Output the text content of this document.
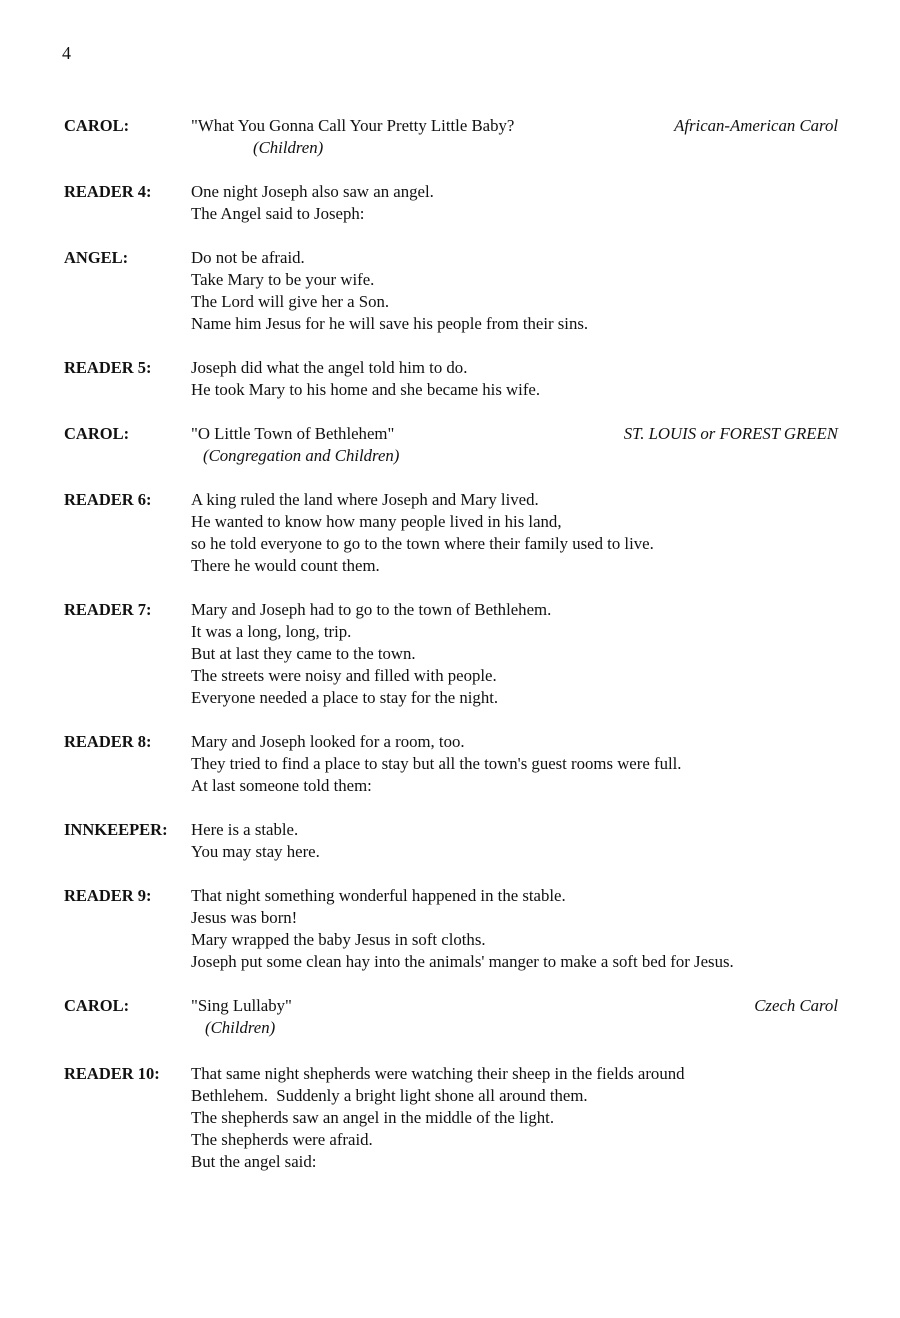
4
CAROL:	"What You Gonna Call Your Pretty Little Baby?	African-American Carol
(Children)
READER 4:	One night Joseph also saw an angel.
The Angel said to Joseph:
ANGEL:	Do not be afraid.
Take Mary to be your wife.
The Lord will give her a Son.
Name him Jesus for he will save his people from their sins.
READER 5:	Joseph did what the angel told him to do.
He took Mary to his home and she became his wife.
CAROL:	"O Little Town of Bethlehem"	ST. LOUIS or FOREST GREEN
(Congregation and Children)
READER 6:	A king ruled the land where Joseph and Mary lived.
He wanted to know how many people lived in his land,
so he told everyone to go to the town where their family used to live.
There he would count them.
READER 7:	Mary and Joseph had to go to the town of Bethlehem.
It was a long, long, trip.
But at last they came to the town.
The streets were noisy and filled with people.
Everyone needed a place to stay for the night.
READER 8:	Mary and Joseph looked for a room, too.
They tried to find a place to stay but all the town's guest rooms were full.
At last someone told them:
INNKEEPER:	Here is a stable.
You may stay here.
READER 9:	That night something wonderful happened in the stable.
Jesus was born!
Mary wrapped the baby Jesus in soft cloths.
Joseph put some clean hay into the animals' manger to make a soft bed for Jesus.
CAROL:	"Sing Lullaby"	Czech Carol
(Children)
READER 10:	That same night shepherds were watching their sheep in the fields around
Bethlehem.  Suddenly a bright light shone all around them.
The shepherds saw an angel in the middle of the light.
The shepherds were afraid.
But the angel said:
